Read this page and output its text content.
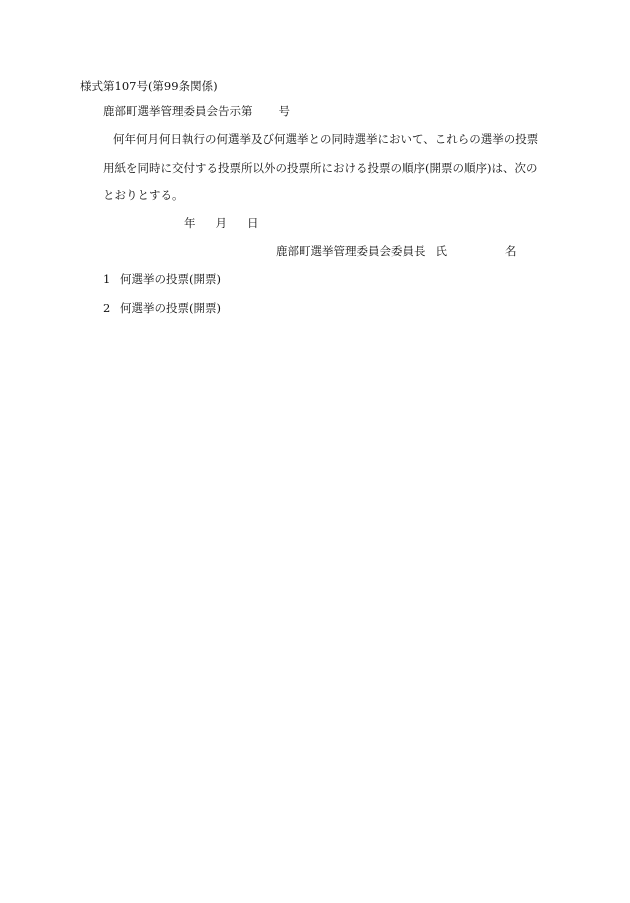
様式第107号(第99条関係)
鹿部町選挙管理委員会告示第 号
何年何月何日執行の何選挙及び何選挙との同時選挙において、これらの選挙の投票
用紙を同時に交付する投票所以外の投票所における投票の順序(開票の順序)は、次の
とおりとする。
年 月 日
鹿部町選挙管理委員会委員長 氏	名
1 何選挙の投票(開票)
2 何選挙の投票(開票)
